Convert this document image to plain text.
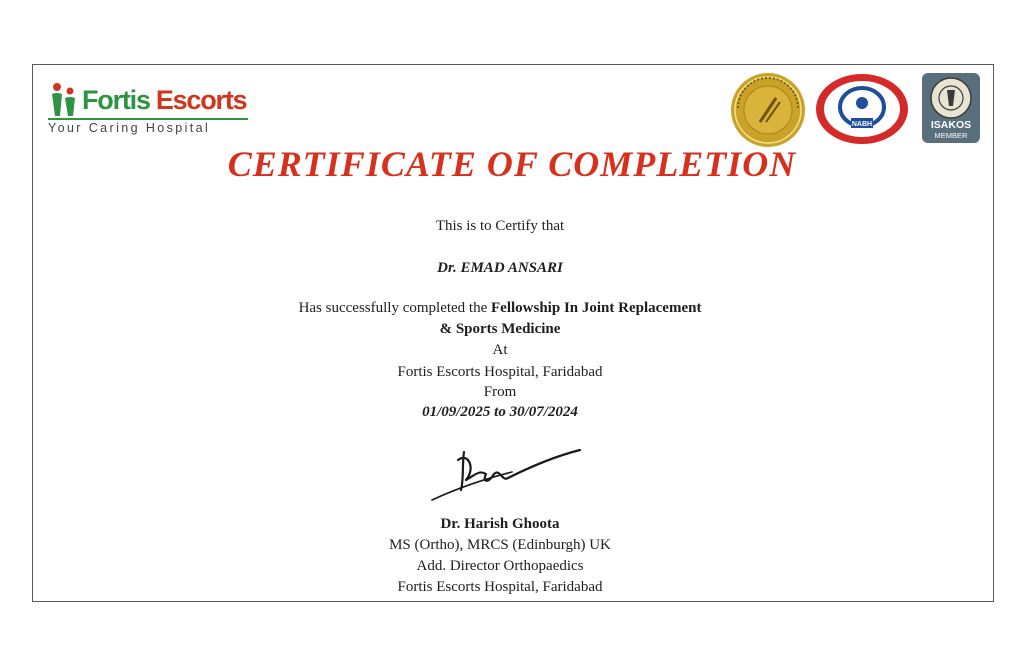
Fortis Escorts
Your Caring Hospital	NABH	ISAKOS
MEMBER
CERTIFICATE OF COMPLETION
This is to Certify that
Dr. EMAD ANSARI
Has successfully completed the Fellowship In Joint Replacement
& Sports Medicine
At
Fortis Escorts Hospital, Faridabad
From
01/09/2025 to 30/07/2024
Dr. Harish Ghoota
MS (Ortho), MRCS (Edinburgh) UK
Add. Director Orthopaedics
Fortis Escorts Hospital, Faridabad
